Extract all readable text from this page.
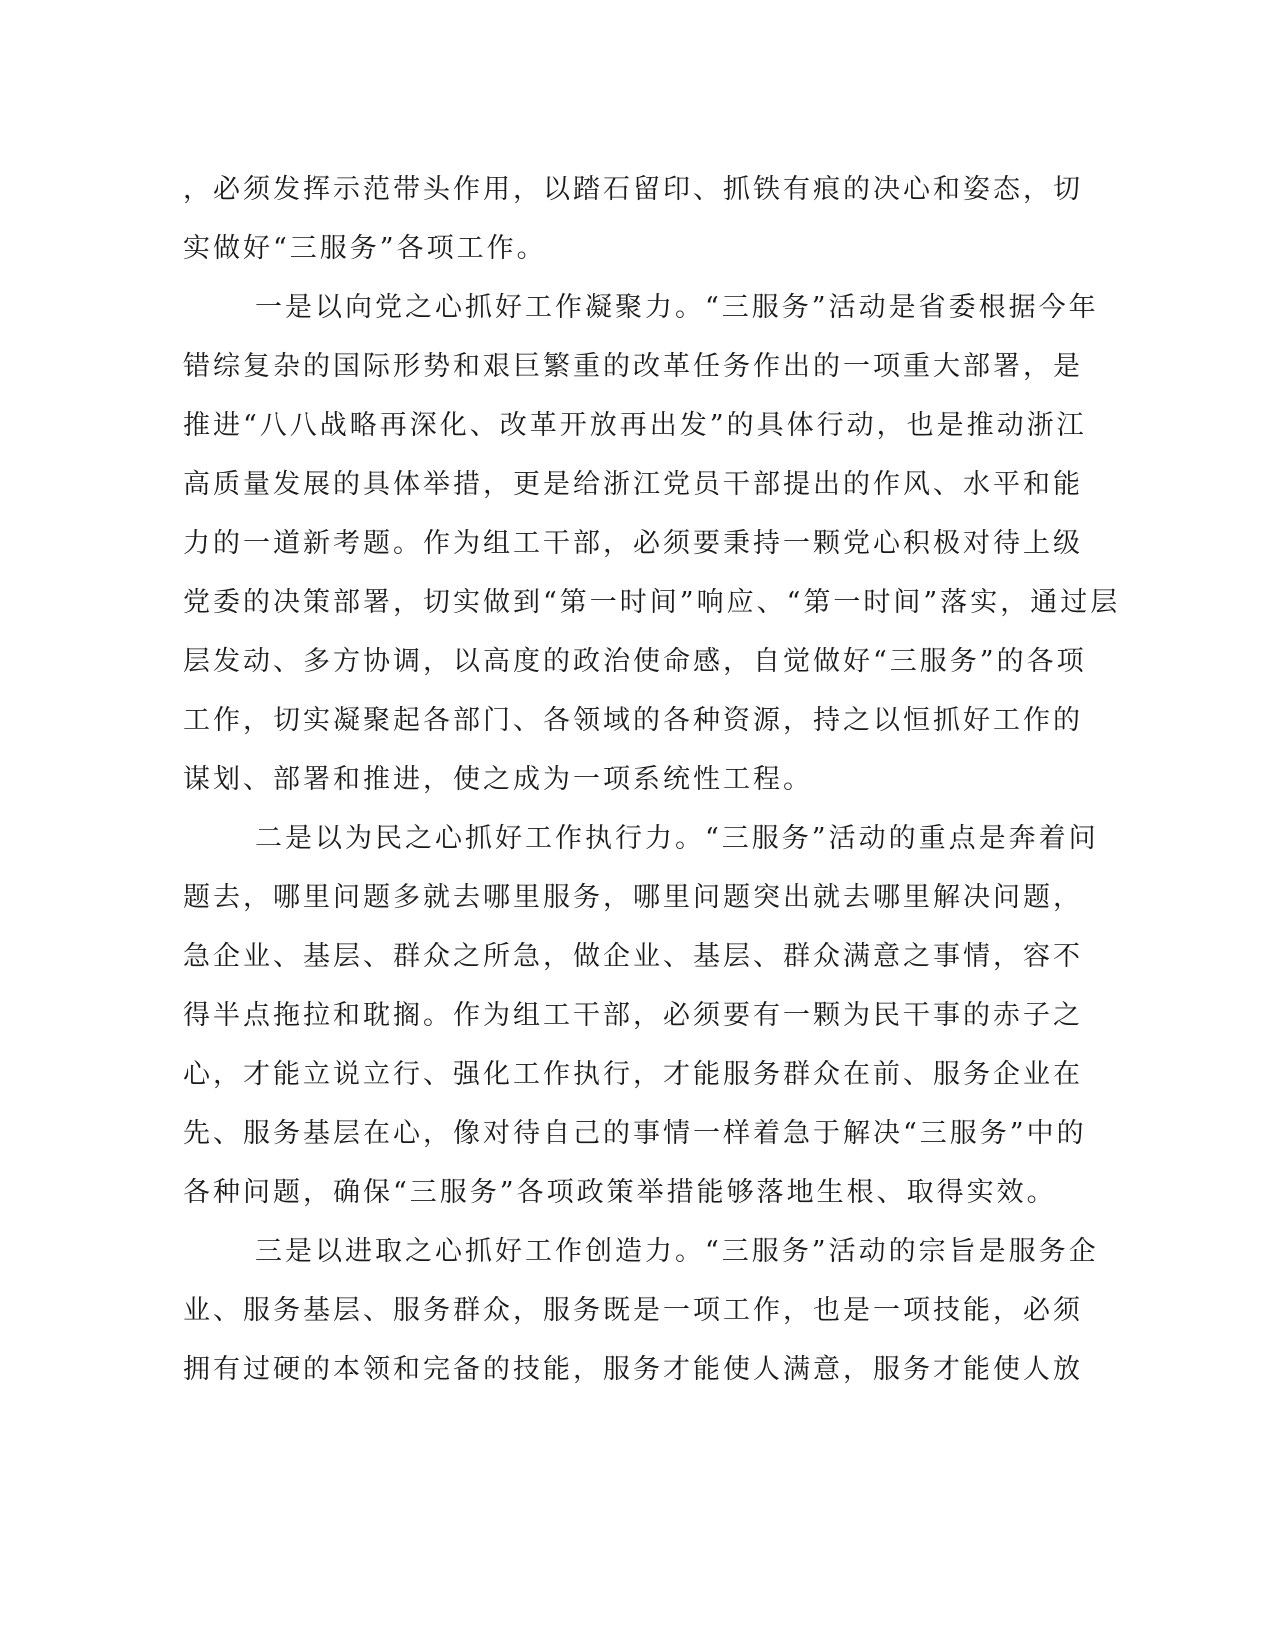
，必须发挥示范带头作用，以踏石留印、抓铁有痕的决心和姿态，切
实做好“三服务”各项工作。
一是以向党之心抓好工作凝聚力。“三服务”活动是省委根据今年
错综复杂的国际形势和艰巨繁重的改革任务作出的一项重大部署，是
推进“八八战略再深化、改革开放再出发”的具体行动，也是推动浙江
高质量发展的具体举措，更是给浙江党员干部提出的作风、水平和能
力的一道新考题。作为组工干部，必须要秉持一颗党心积极对待上级
党委的决策部署，切实做到“第一时间”响应、“第一时间”落实，通过层
层发动、多方协调，以高度的政治使命感，自觉做好“三服务”的各项
工作，切实凝聚起各部门、各领域的各种资源，持之以恒抓好工作的
谋划、部署和推进，使之成为一项系统性工程。
二是以为民之心抓好工作执行力。“三服务”活动的重点是奔着问
题去，哪里问题多就去哪里服务，哪里问题突出就去哪里解决问题，
急企业、基层、群众之所急，做企业、基层、群众满意之事情，容不
得半点拖拉和耽搁。作为组工干部，必须要有一颗为民干事的赤子之
心，才能立说立行、强化工作执行，才能服务群众在前、服务企业在
先、服务基层在心，像对待自己的事情一样着急于解决“三服务”中的
各种问题，确保“三服务”各项政策举措能够落地生根、取得实效。
三是以进取之心抓好工作创造力。“三服务”活动的宗旨是服务企
业、服务基层、服务群众，服务既是一项工作，也是一项技能，必须
拥有过硬的本领和完备的技能，服务才能使人满意，服务才能使人放
